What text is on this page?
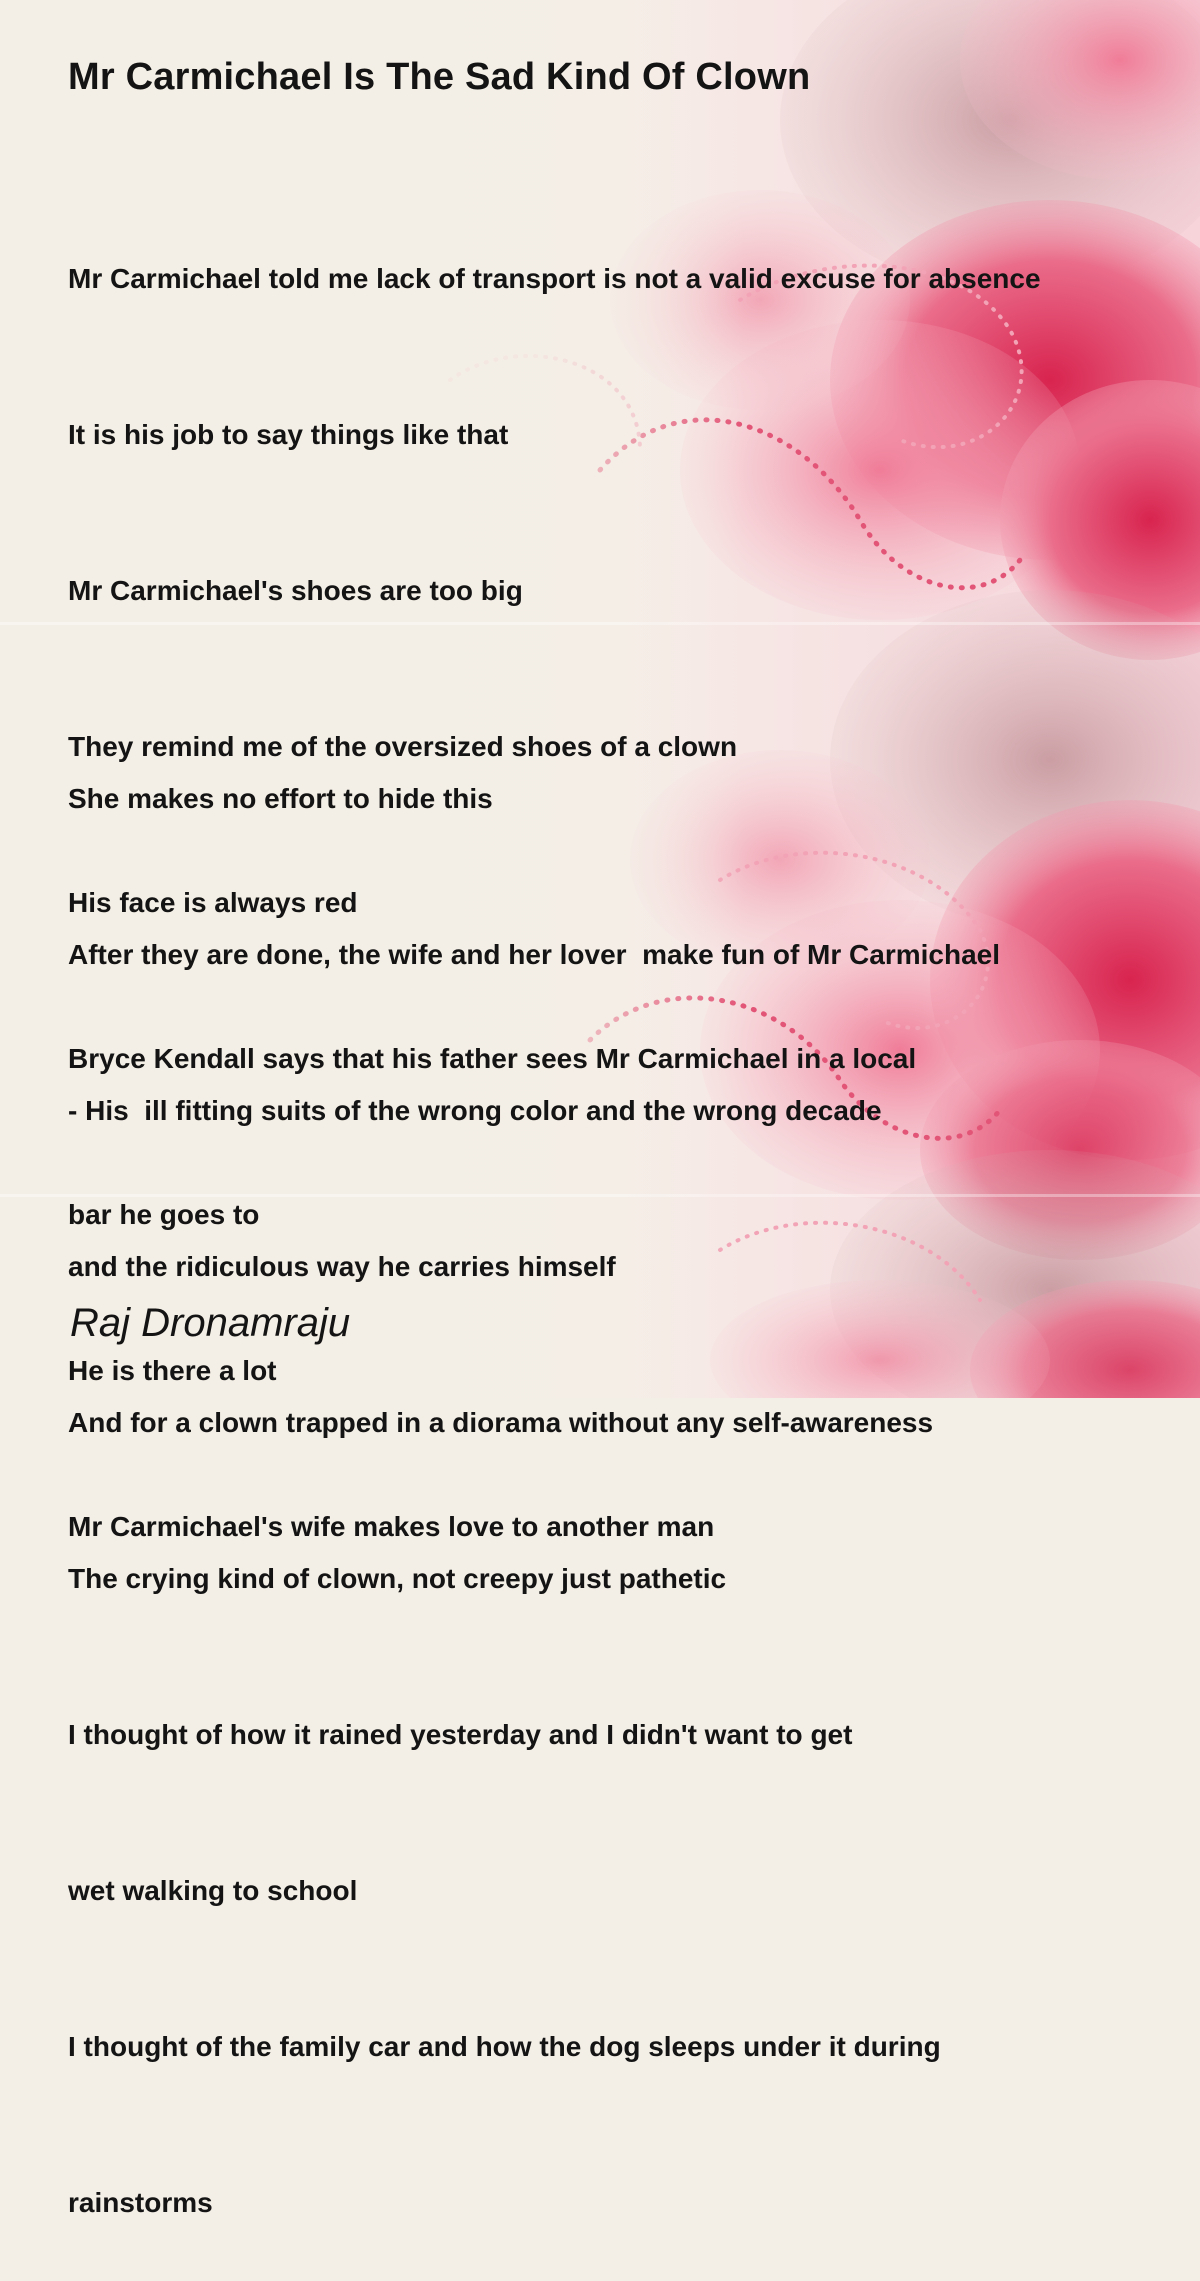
Mr Carmichael Is The Sad Kind Of Clown

Mr Carmichael told me lack of transport is not a valid excuse for absence

It is his job to say things like that

Mr Carmichael's shoes are too big

They remind me of the oversized shoes of a clown

His face is always red

Bryce Kendall says that his father sees Mr Carmichael in a local

bar he goes to

He is there a lot

Mr Carmichael's wife makes love to another man

She makes no effort to hide this

After they are done, the wife and her lover  make fun of Mr Carmichael

- His  ill fitting suits of the wrong color and the wrong decade

and the ridiculous way he carries himself

And for a clown trapped in a diorama without any self-awareness

The crying kind of clown, not creepy just pathetic

I thought of how it rained yesterday and I didn't want to get

wet walking to school

I thought of the family car and how the dog sleeps under it during

rainstorms

Raj Dronamraju
